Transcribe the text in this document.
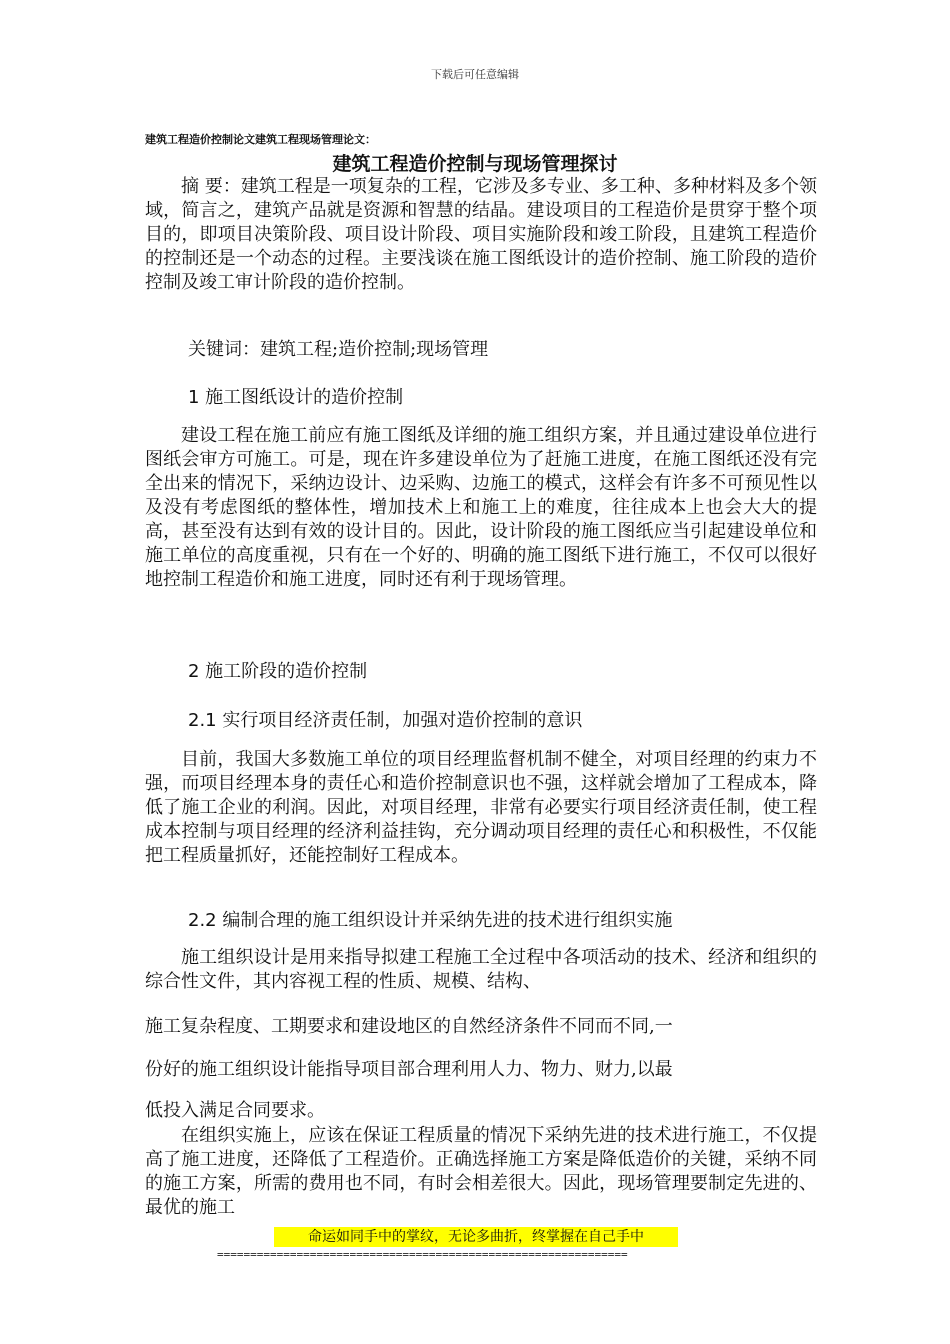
下载后可任意编辑
建筑工程造价控制论文建筑工程现场管理论文：
建筑工程造价控制与现场管理探讨

摘 要：建筑工程是一项复杂的工程，它涉及多专业、多工种、多种材料及多个领域，简言之，建筑产品就是资源和智慧的结晶。建设项目的工程造价是贯穿于整个项目的，即项目决策阶段、项目设计阶段、项目实施阶段和竣工阶段，且建筑工程造价的控制还是一个动态的过程。主要浅谈在施工图纸设计的造价控制、施工阶段的造价控制及竣工审计阶段的造价控制。

关键词：建筑工程;造价控制;现场管理

1 施工图纸设计的造价控制

建设工程在施工前应有施工图纸及详细的施工组织方案，并且通过建设单位进行图纸会审方可施工。可是，现在许多建设单位为了赶施工进度，在施工图纸还没有完全出来的情况下，采纳边设计、边采购、边施工的模式，这样会有许多不可预见性以及没有考虑图纸的整体性，增加技术上和施工上的难度，往往成本上也会大大的提高，甚至没有达到有效的设计目的。因此，设计阶段的施工图纸应当引起建设单位和施工单位的高度重视，只有在一个好的、明确的施工图纸下进行施工，不仅可以很好地控制工程造价和施工进度，同时还有利于现场管理。

2 施工阶段的造价控制

2.1 实行项目经济责任制，加强对造价控制的意识

目前，我国大多数施工单位的项目经理监督机制不健全，对项目经理的约束力不强，而项目经理本身的责任心和造价控制意识也不强，这样就会增加了工程成本，降低了施工企业的利润。因此，对项目经理，非常有必要实行项目经济责任制，使工程成本控制与项目经理的经济利益挂钩，充分调动项目经理的责任心和积极性，不仅能把工程质量抓好，还能控制好工程成本。

2.2 编制合理的施工组织设计并采纳先进的技术进行组织实施

施工组织设计是用来指导拟建工程施工全过程中各项活动的技术、经济和组织的综合性文件，其内容视工程的性质、规模、结构、

施工复杂程度、工期要求和建设地区的自然经济条件不同而不同,一
份好的施工组织设计能指导项目部合理利用人力、物力、财力,以最
低投入满足合同要求。

在组织实施上，应该在保证工程质量的情况下采纳先进的技术进行施工，不仅提高了施工进度，还降低了工程造价。正确选择施工方案是降低造价的关键，采纳不同的施工方案，所需的费用也不同，有时会相差很大。因此，现场管理要制定先进的、最优的施工

命运如同手中的掌纹，无论多曲折，终掌握在自己手中
==============================================================
